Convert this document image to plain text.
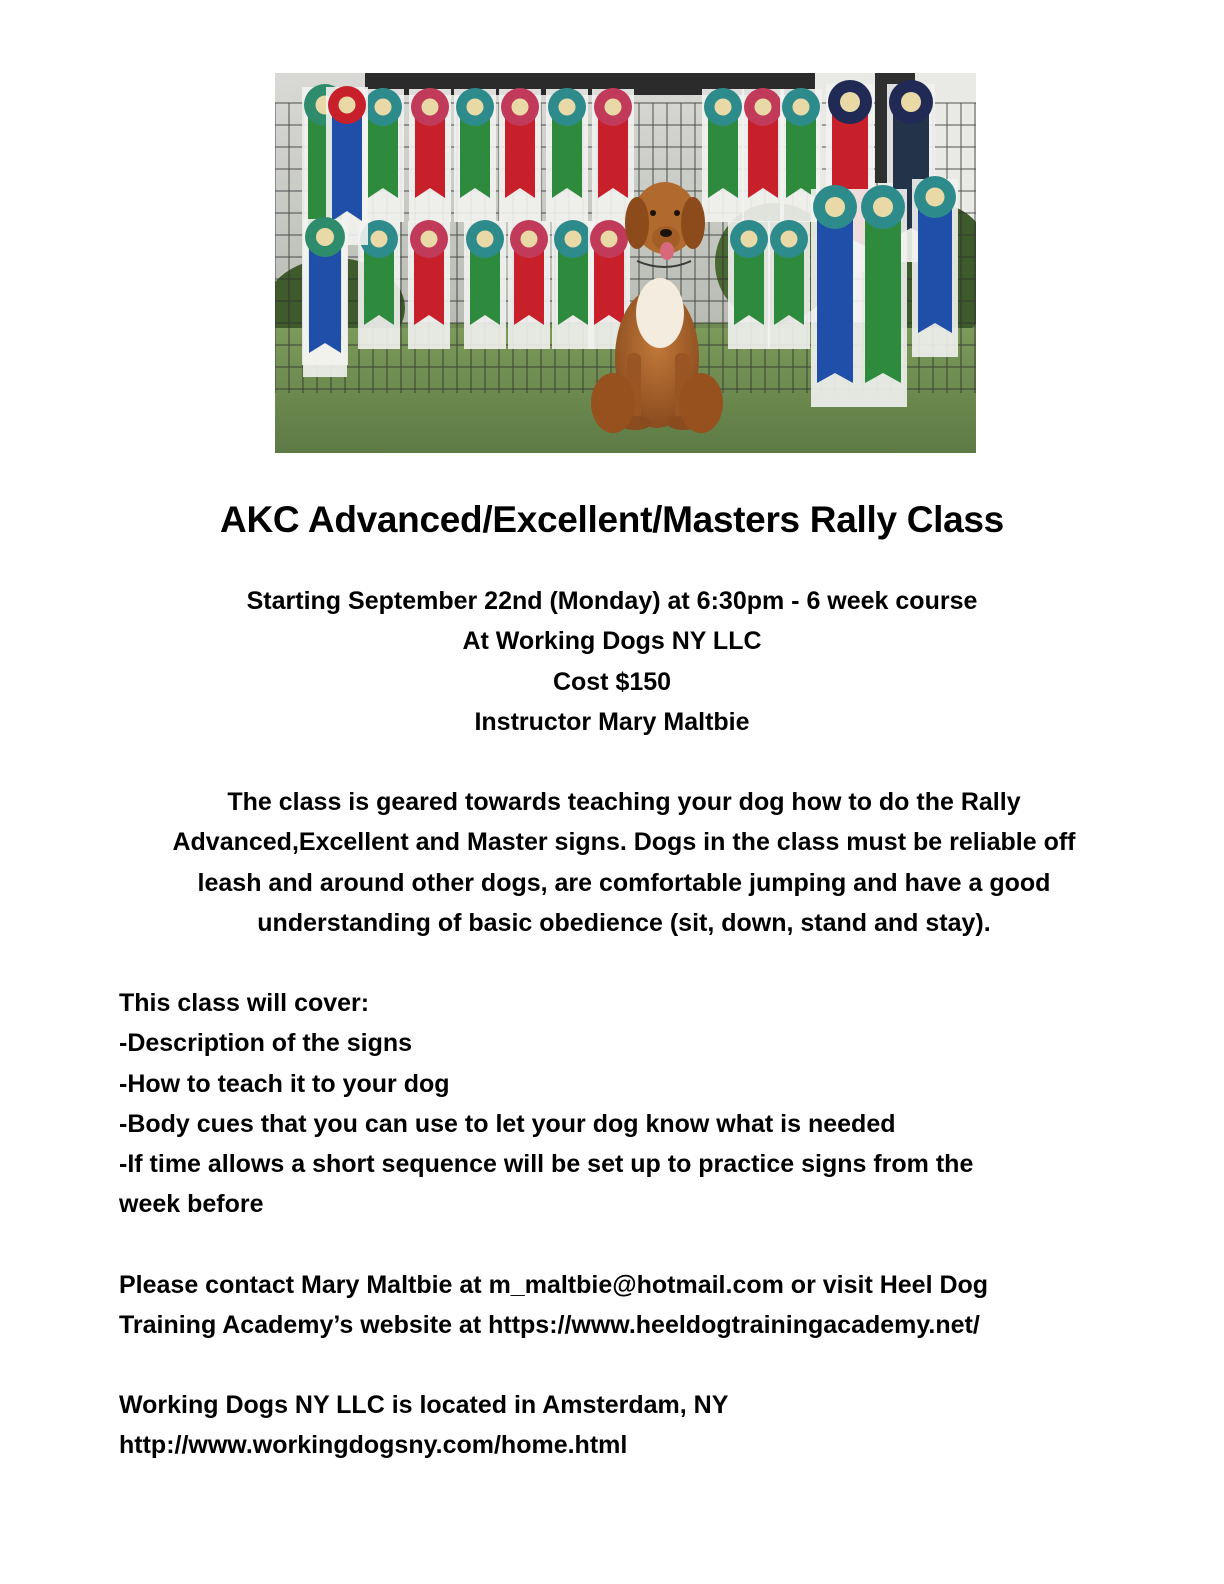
AKC Advanced/Excellent/Masters Rally Class
Starting September 22nd (Monday) at 6:30pm - 6 week course
At Working Dogs NY LLC
Cost $150
Instructor Mary Maltbie
The class is geared towards teaching your dog how to do the Rally
Advanced,Excellent and Master signs. Dogs in the class must be reliable off
leash and around other dogs, are comfortable jumping and have a good
understanding of basic obedience (sit, down, stand and stay).
This class will cover:
-Description of the signs
-How to teach it to your dog
-Body cues that you can use to let your dog know what is needed
-If time allows a short sequence will be set up to practice signs from the
week before
Please contact Mary Maltbie at m_maltbie@hotmail.com or visit Heel Dog
Training Academy’s website at https://www.heeldogtrainingacademy.net/
Working Dogs NY LLC is located in Amsterdam, NY
http://www.workingdogsny.com/home.html
